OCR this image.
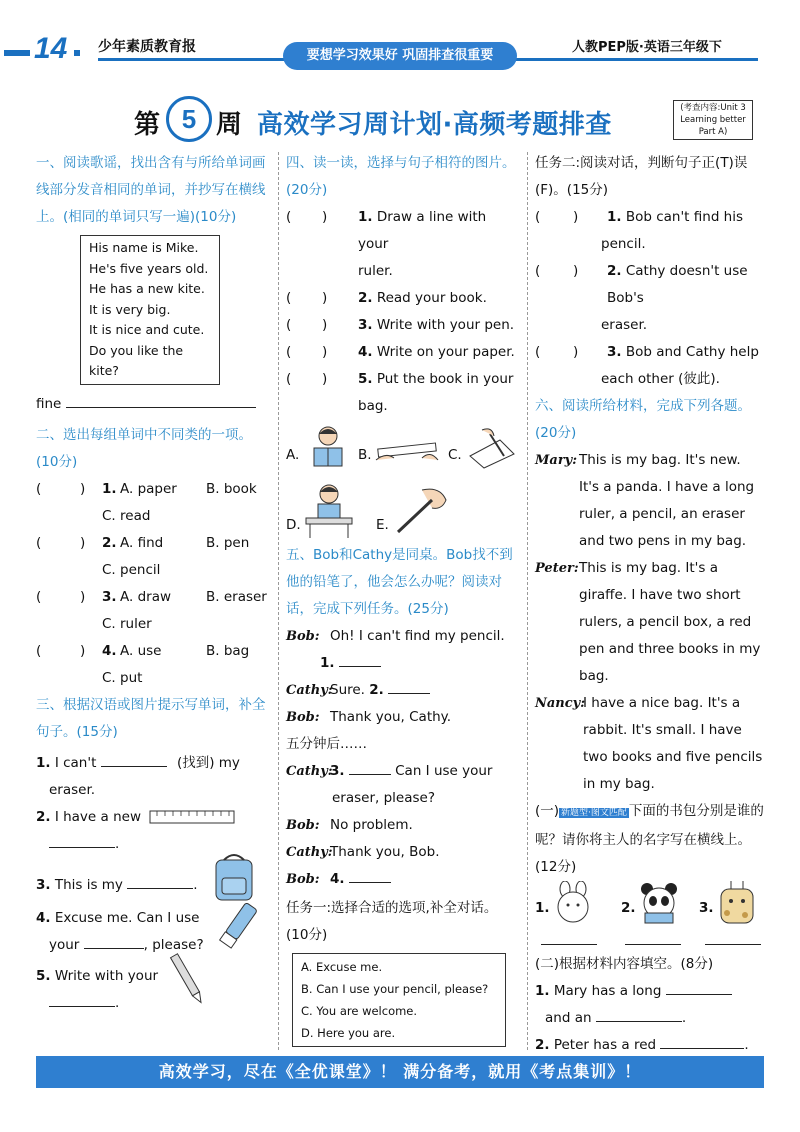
14 少年素质教育报
要想学习效果好 巩固排查很重要
人教PEP版·英语三年级下
第 5 周 高效学习周计划·高频考题排查
(考查内容:Unit 3
Learning better
Part A)
一、阅读歌谣，找出含有与所给单词画线部分发音相同的单词，并抄写在横线上。(相同的单词只写一遍)(10分)
His name is Mike.
He's five years old.
He has a new kite.
It is very big.
It is nice and cute.
Do you like the kite?
fine
二、选出每组单词中不同类的一项。(10分)
(	)	1. A. paper	B. book
C. read
(	)	2. A. find	B. pen
C. pencil
(	)	3. A. draw	B. eraser
C. ruler
(	)	4. A. use	B. bag
C. put
三、根据汉语或图片提示写单词，补全句子。(15分)
1. I can't	(找到) my
eraser.
2. I have a new
.
3. This is my	.
4. Excuse me. Can I use
your	, please?
5. Write with your
.
四、读一读，选择与句子相符的图片。(20分)
( ) 1. Draw a line with your
ruler.
( ) 2. Read your book.
( ) 3. Write with your pen.
( ) 4. Write on your paper.
( ) 5. Put the book in your
bag.
A.	B.	C.
D.	E.
五、Bob和Cathy是同桌。Bob找不到他的铅笔了，他会怎么办呢？阅读对话，完成下列任务。(25分)
Bob: Oh! I can't find my pencil.
1.
Cathy:
Sure. 2.
Bob: Thank you, Cathy.
五分钟后……
Cathy:
3.	Can I use your
eraser, please?
Bob: No problem.
Cathy:
Thank you, Bob.
Bob: 4.
任务一:选择合适的选项,补全对话。(10分)
A. Excuse me.
B. Can I use your pencil, please?
C. You are welcome.
D. Here you are.
任务二:阅读对话，判断句子正(T)误(F)。(15分)
( ) 1. Bob can't find his
pencil.
( ) 2. Cathy doesn't use Bob's
eraser.
( ) 3. Bob and Cathy help
each other (彼此).
六、阅读所给材料，完成下列各题。(20分)
Mary: This is my bag. It's new. It's a panda. I have a long ruler, a pencil, an eraser and two pens in my bag.
Peter: This is my bag. It's a giraffe. I have two short rulers, a pencil box, a red pen and three books in my bag.
Nancy:
I have a nice bag. It's a rabbit. It's small. I have two books and five pencils in my bag.
(一) 新题型·图文匹配 下面的书包分别是谁的呢？请你将主人的名字写在横线上。(12分)
1.	2.	3.
(二)根据材料内容填空。(8分)
1. Mary has a long
and an	.
2. Peter has a red	.
高效学习，尽在《全优课堂》！ 满分备考，就用《考点集训》！
